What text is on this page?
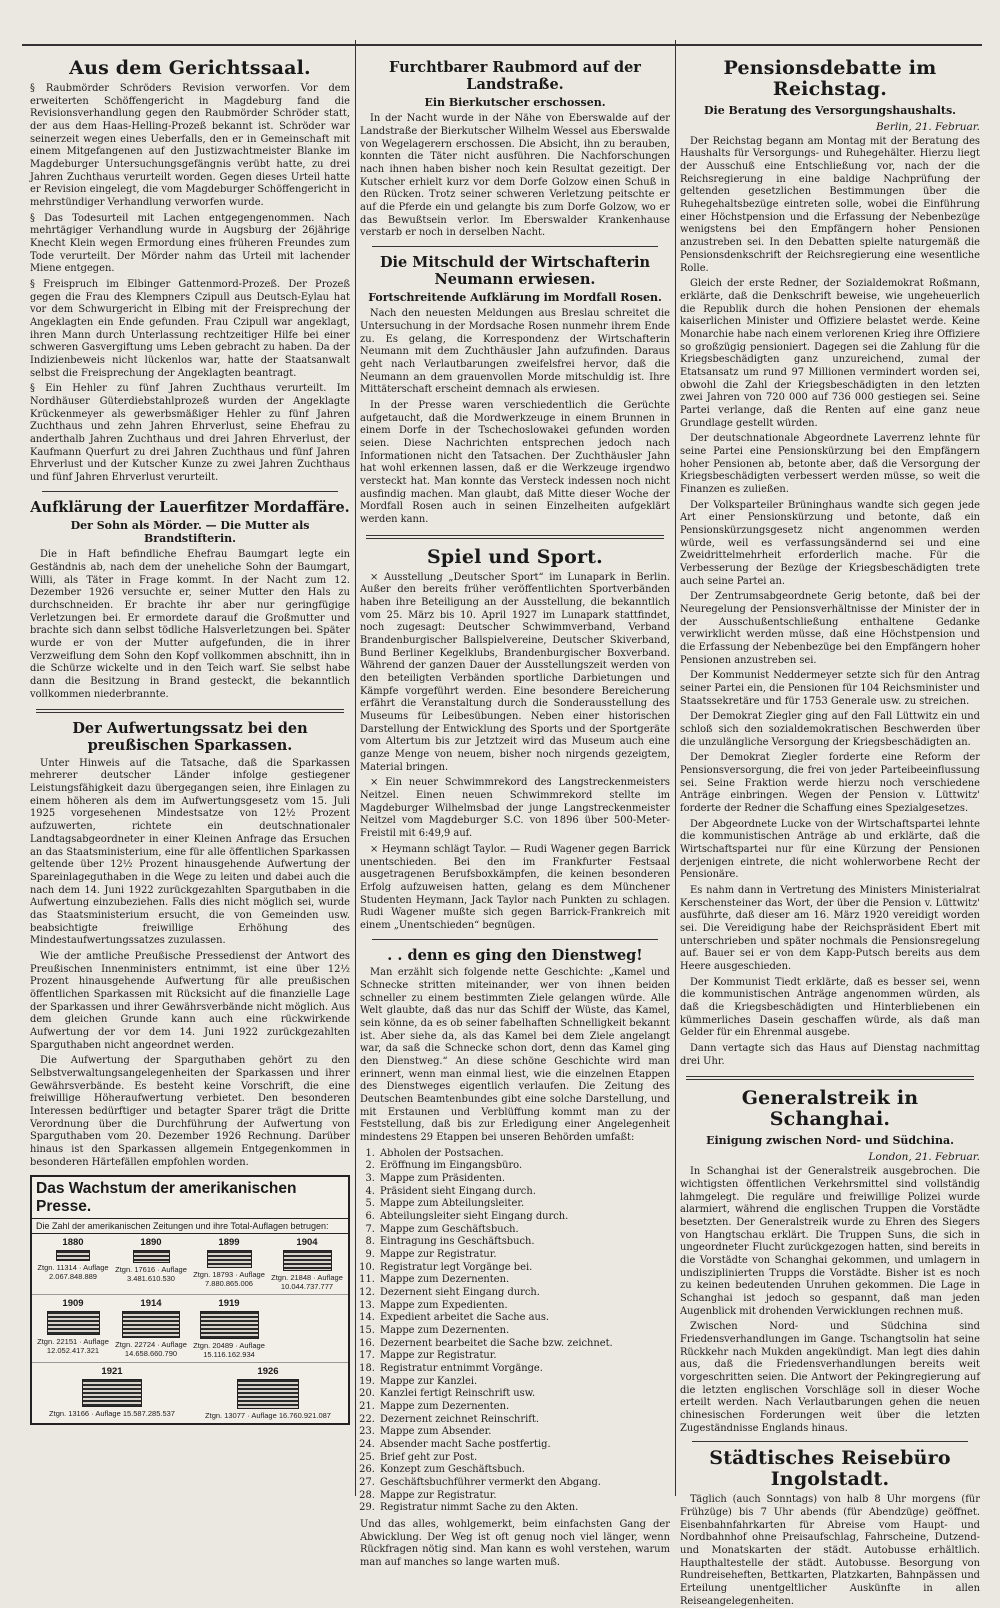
Aus dem Gerichtssaal.

§ Raubmörder Schröders Revision verworfen. Vor dem erweiterten Schöffengericht in Magdeburg fand die Revisionsverhandlung gegen den Raubmörder Schröder statt, der aus dem Haas-Helling-Prozeß bekannt ist. Schröder war seinerzeit wegen eines Ueberfalls, den er in Gemeinschaft mit einem Mitgefangenen auf den Justizwachtmeister Blanke im Magdeburger Untersuchungsgefängnis verübt hatte, zu drei Jahren Zuchthaus verurteilt worden. Gegen dieses Urteil hatte er Revision eingelegt, die vom Magdeburger Schöffengericht in mehrstündiger Verhandlung verworfen wurde.

§ Das Todesurteil mit Lachen entgegengenommen. Nach mehrtägiger Verhandlung wurde in Augsburg der 26jährige Knecht Klein wegen Ermordung eines früheren Freundes zum Tode verurteilt. Der Mörder nahm das Urteil mit lachender Miene entgegen.

§ Freispruch im Elbinger Gattenmord-Prozeß. Der Prozeß gegen die Frau des Klempners Czipull aus Deutsch-Eylau hat vor dem Schwurgericht in Elbing mit der Freisprechung der Angeklagten ein Ende gefunden. Frau Czipull war angeklagt, ihren Mann durch Unterlassung rechtzeitiger Hilfe bei einer schweren Gasvergiftung ums Leben gebracht zu haben. Da der Indizienbeweis nicht lückenlos war, hatte der Staatsanwalt selbst die Freisprechung der Angeklagten beantragt.

§ Ein Hehler zu fünf Jahren Zuchthaus verurteilt. Im Nordhäuser Güterdiebstahlprozeß wurden der Angeklagte Krückenmeyer als gewerbsmäßiger Hehler zu fünf Jahren Zuchthaus und zehn Jahren Ehrverlust, seine Ehefrau zu anderthalb Jahren Zuchthaus und drei Jahren Ehrverlust, der Kaufmann Querfurt zu drei Jahren Zuchthaus und fünf Jahren Ehrverlust und der Kutscher Kunze zu zwei Jahren Zuchthaus und fünf Jahren Ehrverlust verurteilt.

Aufklärung der Lauerfitzer Mordaffäre.
Der Sohn als Mörder. — Die Mutter als Brandstifterin.

Die in Haft befindliche Ehefrau Baumgart legte ein Geständnis ab, nach dem der uneheliche Sohn der Baumgart, Willi, als Täter in Frage kommt. In der Nacht zum 12. Dezember 1926 versuchte er, seiner Mutter den Hals zu durchschneiden. Er brachte ihr aber nur geringfügige Verletzungen bei. Er ermordete darauf die Großmutter und brachte sich dann selbst tödliche Halsverletzungen bei. Später wurde er von der Mutter aufgefunden, die in ihrer Verzweiflung dem Sohn den Kopf vollkommen abschnitt, ihn in die Schürze wickelte und in den Teich warf. Sie selbst habe dann die Besitzung in Brand gesteckt, die bekanntlich vollkommen niederbrannte.

Der Aufwertungssatz bei den preußischen Sparkassen.

Unter Hinweis auf die Tatsache, daß die Sparkassen mehrerer deutscher Länder infolge gestiegener Leistungsfähigkeit dazu übergegangen seien, ihre Einlagen zu einem höheren als dem im Aufwertungsgesetz vom 15. Juli 1925 vorgesehenen Mindestsatze von 12½ Prozent aufzuwerten, richtete ein deutschnationaler Landtagsabgeordneter in einer Kleinen Anfrage das Ersuchen an das Staatsministerium, eine für alle öffentlichen Sparkassen geltende über 12½ Prozent hinausgehende Aufwertung der Spareinlageguthaben in die Wege zu leiten und dabei auch die nach dem 14. Juni 1922 zurückgezahlten Spargutbaben in die Aufwertung einzubeziehen. Falls dies nicht möglich sei, wurde das Staatsministerium ersucht, die von Gemeinden usw. beabsichtigte freiwillige Erhöhung des Mindestaufwertungssatzes zuzulassen.

Wie der amtliche Preußische Pressedienst der Antwort des Preußischen Innenministers entnimmt, ist eine über 12½ Prozent hinausgehende Aufwertung für alle preußischen öffentlichen Sparkassen mit Rücksicht auf die finanzielle Lage der Sparkassen und ihrer Gewährsverbände nicht möglich. Aus dem gleichen Grunde kann auch eine rückwirkende Aufwertung der vor dem 14. Juni 1922 zurückgezahlten Sparguthaben nicht angeordnet werden.

Die Aufwertung der Sparguthaben gehört zu den Selbstverwaltungsangelegenheiten der Sparkassen und ihrer Gewährsverbände. Es besteht keine Vorschrift, die eine freiwillige Höheraufwertung verbietet. Den besonderen Interessen bedürftiger und betagter Sparer trägt die Dritte Verordnung über die Durchführung der Aufwertung von Sparguthaben vom 20. Dezember 1926 Rechnung. Darüber hinaus ist den Sparkassen allgemein Entgegenkommen in besonderen Härtefällen empfohlen worden.

Das Wachstum der amerikanischen Presse.
Die Zahl der amerikanischen Zeitungen und ihre Total-Auflagen betrugen:
1880
Ztgn. 11314 · Auflage 2.067.848.889
1890
Ztgn. 17616 · Auflage 3.481.610.530
1899
Ztgn. 18793 · Auflage 7.880.865.006
1904
Ztgn. 21848 · Auflage 10.044.737.777
1909
Ztgn. 22151 · Auflage 12.052.417.321
1914
Ztgn. 22724 · Auflage 14.658.660.790
1919
Ztgn. 20489 · Auflage 15.116.162.934
1921
Ztgn. 13166 · Auflage 15.587.285.537
1926
Ztgn. 13077 · Auflage 16.760.921.087
Furchtbarer Raubmord auf der Landstraße.
Ein Bierkutscher erschossen.

In der Nacht wurde in der Nähe von Eberswalde auf der Landstraße der Bierkutscher Wilhelm Wessel aus Eberswalde von Wegelagerern erschossen. Die Absicht, ihn zu berauben, konnten die Täter nicht ausführen. Die Nachforschungen nach ihnen haben bisher noch kein Resultat gezeitigt. Der Kutscher erhielt kurz vor dem Dorfe Golzow einen Schuß in den Rücken. Trotz seiner schweren Verletzung peitschte er auf die Pferde ein und gelangte bis zum Dorfe Golzow, wo er das Bewußtsein verlor. Im Eberswalder Krankenhause verstarb er noch in derselben Nacht.

Die Mitschuld der Wirtschafterin Neumann erwiesen.
Fortschreitende Aufklärung im Mordfall Rosen.

Nach den neuesten Meldungen aus Breslau schreitet die Untersuchung in der Mordsache Rosen nunmehr ihrem Ende zu. Es gelang, die Korrespondenz der Wirtschafterin Neumann mit dem Zuchthäusler Jahn aufzufinden. Daraus geht nach Verlautbarungen zweifelsfrei hervor, daß die Neumann an dem grauenvollen Morde mitschuldig ist. Ihre Mittäterschaft erscheint demnach als erwiesen.

In der Presse waren verschiedentlich die Gerüchte aufgetaucht, daß die Mordwerkzeuge in einem Brunnen in einem Dorfe in der Tschechoslowakei gefunden worden seien. Diese Nachrichten entsprechen jedoch nach Informationen nicht den Tatsachen. Der Zuchthäusler Jahn hat wohl erkennen lassen, daß er die Werkzeuge irgendwo versteckt hat. Man konnte das Versteck indessen noch nicht ausfindig machen. Man glaubt, daß Mitte dieser Woche der Mordfall Rosen auch in seinen Einzelheiten aufgeklärt werden kann.

Spiel und Sport.

× Ausstellung „Deutscher Sport“ im Lunapark in Berlin. Außer den bereits früher veröffentlichten Sportverbänden haben ihre Beteiligung an der Ausstellung, die bekanntlich vom 25. März bis 10. April 1927 im Lunapark stattfindet, noch zugesagt: Deutscher Schwimmverband, Verband Brandenburgischer Ballspielvereine, Deutscher Skiverband, Bund Berliner Kegelklubs, Brandenburgischer Boxverband. Während der ganzen Dauer der Ausstellungszeit werden von den beteiligten Verbänden sportliche Darbietungen und Kämpfe vorgeführt werden. Eine besondere Bereicherung erfährt die Veranstaltung durch die Sonderausstellung des Museums für Leibesübungen. Neben einer historischen Darstellung der Entwicklung des Sports und der Sportgeräte vom Altertum bis zur Jetztzeit wird das Museum auch eine ganze Menge von neuem, bisher noch nirgends gezeigtem, Material bringen.

× Ein neuer Schwimmrekord des Langstreckenmeisters Neitzel. Einen neuen Schwimmrekord stellte im Magdeburger Wilhelmsbad der junge Langstreckenmeister Neitzel vom Magdeburger S.C. von 1896 über 500-Meter-Freistil mit 6:49,9 auf.

× Heymann schlägt Taylor. — Rudi Wagener gegen Barrick unentschieden. Bei den im Frankfurter Festsaal ausgetragenen Berufsboxkämpfen, die keinen besonderen Erfolg aufzuweisen hatten, gelang es dem Münchener Studenten Heymann, Jack Taylor nach Punkten zu schlagen. Rudi Wagener mußte sich gegen Barrick-Frankreich mit einem „Unentschieden“ begnügen.

. . denn es ging den Dienstweg!

Man erzählt sich folgende nette Geschichte: „Kamel und Schnecke stritten miteinander, wer von ihnen beiden schneller zu einem bestimmten Ziele gelangen würde. Alle Welt glaubte, daß das nur das Schiff der Wüste, das Kamel, sein könne, da es ob seiner fabelhaften Schnelligkeit bekannt ist. Aber siehe da, als das Kamel bei dem Ziele angelangt war, da saß die Schnecke schon dort, denn das Kamel ging den Dienstweg.“ An diese schöne Geschichte wird man erinnert, wenn man einmal liest, wie die einzelnen Etappen des Dienstweges eigentlich verlaufen. Die Zeitung des Deutschen Beamtenbundes gibt eine solche Darstellung, und mit Erstaunen und Verblüffung kommt man zu der Feststellung, daß bis zur Erledigung einer Angelegenheit mindestens 29 Etappen bei unseren Behörden umfaßt:

1. Abholen der Postsachen.
2. Eröffnung im Eingangsbüro.
3. Mappe zum Präsidenten.
4. Präsident sieht Eingang durch.
5. Mappe zum Abteilungsleiter.
6. Abteilungsleiter sieht Eingang durch.
7. Mappe zum Geschäftsbuch.
8. Eintragung ins Geschäftsbuch.
9. Mappe zur Registratur.
10. Registratur legt Vorgänge bei.
11. Mappe zum Dezernenten.
12. Dezernent sieht Eingang durch.
13. Mappe zum Expedienten.
14. Expedient arbeitet die Sache aus.
15. Mappe zum Dezernenten.
16. Dezernent bearbeitet die Sache bzw. zeichnet.
17. Mappe zur Registratur.
18. Registratur entnimmt Vorgänge.
19. Mappe zur Kanzlei.
20. Kanzlei fertigt Reinschrift usw.
21. Mappe zum Dezernenten.
22. Dezernent zeichnet Reinschrift.
23. Mappe zum Absender.
24. Absender macht Sache postfertig.
25. Brief geht zur Post.
26. Konzept zum Geschäftsbuch.
27. Geschäftsbuchführer vermerkt den Abgang.
28. Mappe zur Registratur.
29. Registratur nimmt Sache zu den Akten.

Und das alles, wohlgemerkt, beim einfachsten Gang der Abwicklung. Der Weg ist oft genug noch viel länger, wenn Rückfragen nötig sind. Man kann es wohl verstehen, warum man auf manches so lange warten muß.

Pensionsdebatte im Reichstag.
Die Beratung des Versorgungshaushalts.
Berlin, 21. Februar.

Der Reichstag begann am Montag mit der Beratung des Haushalts für Versorgungs- und Ruhegehälter. Hierzu liegt der Ausschuß eine Entschließung vor, nach der die Reichsregierung in eine baldige Nachprüfung der geltenden gesetzlichen Bestimmungen über die Ruhegehaltsbezüge eintreten solle, wobei die Einführung einer Höchstpension und die Erfassung der Nebenbezüge wenigstens bei den Empfängern hoher Pensionen anzustreben sei. In den Debatten spielte naturgemäß die Pensionsdenkschrift der Reichsregierung eine wesentliche Rolle.

Gleich der erste Redner, der Sozialdemokrat Roßmann, erklärte, daß die Denkschrift beweise, wie ungeheuerlich die Republik durch die hohen Pensionen der ehemals kaiserlichen Minister und Offiziere belastet werde. Keine Monarchie habe nach einem verlorenen Krieg ihre Offiziere so großzügig pensioniert. Dagegen sei die Zahlung für die Kriegsbeschädigten ganz unzureichend, zumal der Etatsansatz um rund 97 Millionen vermindert worden sei, obwohl die Zahl der Kriegsbeschädigten in den letzten zwei Jahren von 720 000 auf 736 000 gestiegen sei. Seine Partei verlange, daß die Renten auf eine ganz neue Grundlage gestellt würden.

Der deutschnationale Abgeordnete Laverrenz lehnte für seine Partei eine Pensionskürzung bei den Empfängern hoher Pensionen ab, betonte aber, daß die Versorgung der Kriegsbeschädigten verbessert werden müsse, so weit die Finanzen es zuließen.

Der Volksparteiler Brüninghaus wandte sich gegen jede Art einer Pensionskürzung und betonte, daß ein Pensionskürzungsgesetz nicht angenommen werden würde, weil es verfassungsändernd sei und eine Zweidrittelmehrheit erforderlich mache. Für die Verbesserung der Bezüge der Kriegsbeschädigten trete auch seine Partei an.

Der Zentrumsabgeordnete Gerig betonte, daß bei der Neuregelung der Pensionsverhältnisse der Minister der in der Ausschußentschließung enthaltene Gedanke verwirklicht werden müsse, daß eine Höchstpension und die Erfassung der Nebenbezüge bei den Empfängern hoher Pensionen anzustreben sei.

Der Kommunist Neddermeyer setzte sich für den Antrag seiner Partei ein, die Pensionen für 104 Reichsminister und Staatssekretäre und für 1753 Generale usw. zu streichen.

Der Demokrat Ziegler ging auf den Fall Lüttwitz ein und schloß sich den sozialdemokratischen Beschwerden über die unzulängliche Versorgung der Kriegsbeschädigten an.

Der Demokrat Ziegler forderte eine Reform der Pensionsversorgung, die frei von jeder Parteibeeinflussung sei. Seine Fraktion werde hierzu noch verschiedene Anträge einbringen. Wegen der Pension v. Lüttwitz' forderte der Redner die Schaffung eines Spezialgesetzes.

Der Abgeordnete Lucke von der Wirtschaftspartei lehnte die kommunistischen Anträge ab und erklärte, daß die Wirtschaftspartei nur für eine Kürzung der Pensionen derjenigen eintrete, die nicht wohlerworbene Recht der Pensionäre.

Es nahm dann in Vertretung des Ministers Ministerialrat Kerschensteiner das Wort, der über die Pension v. Lüttwitz' ausführte, daß dieser am 16. März 1920 vereidigt worden sei. Die Vereidigung habe der Reichspräsident Ebert mit unterschrieben und später nochmals die Pensionsregelung auf. Bauer sei er von dem Kapp-Putsch bereits aus dem Heere ausgeschieden.

Der Kommunist Tiedt erklärte, daß es besser sei, wenn die kommunistischen Anträge angenommen würden, als daß die Kriegsbeschädigten und Hinterbliebenen ein kümmerliches Dasein geschaffen würde, als daß man Gelder für ein Ehrenmal ausgebe.

Dann vertagte sich das Haus auf Dienstag nachmittag drei Uhr.

Generalstreik in Schanghai.
Einigung zwischen Nord- und Südchina.
London, 21. Februar.

In Schanghai ist der Generalstreik ausgebrochen. Die wichtigsten öffentlichen Verkehrsmittel sind vollständig lahmgelegt. Die reguläre und freiwillige Polizei wurde alarmiert, während die englischen Truppen die Vorstädte besetzten. Der Generalstreik wurde zu Ehren des Siegers von Hangtschau erklärt. Die Truppen Suns, die sich in ungeordneter Flucht zurückgezogen hatten, sind bereits in die Vorstädte von Schanghai gekommen, und umlagern in undisziplinierten Trupps die Vorstädte. Bisher ist es noch zu keinen bedeutenden Unruhen gekommen. Die Lage in Schanghai ist jedoch so gespannt, daß man jeden Augenblick mit drohenden Verwicklungen rechnen muß.

Zwischen Nord- und Südchina sind Friedensverhandlungen im Gange. Tschangtsolin hat seine Rückkehr nach Mukden angekündigt. Man legt dies dahin aus, daß die Friedensverhandlungen bereits weit vorgeschritten seien. Die Antwort der Pekingregierung auf die letzten englischen Vorschläge soll in dieser Woche erteilt werden. Nach Verlautbarungen gehen die neuen chinesischen Forderungen weit über die letzten Zugeständnisse Englands hinaus.

Städtisches Reisebüro Ingolstadt.

Täglich (auch Sonntags) von halb 8 Uhr morgens (für Frühzüge) bis 7 Uhr abends (für Abendzüge) geöffnet. Eisenbahnfahrkarten für Abreise vom Haupt- und Nordbahnhof ohne Preisaufschlag, Fahrscheine, Dutzend- und Monatskarten der städt. Autobusse erhältlich. Haupthaltestelle der städt. Autobusse. Besorgung von Rundreiseheften, Bettkarten, Platzkarten, Bahnpässen und Erteilung unentgeltlicher Auskünfte in allen Reiseangelegenheiten.
